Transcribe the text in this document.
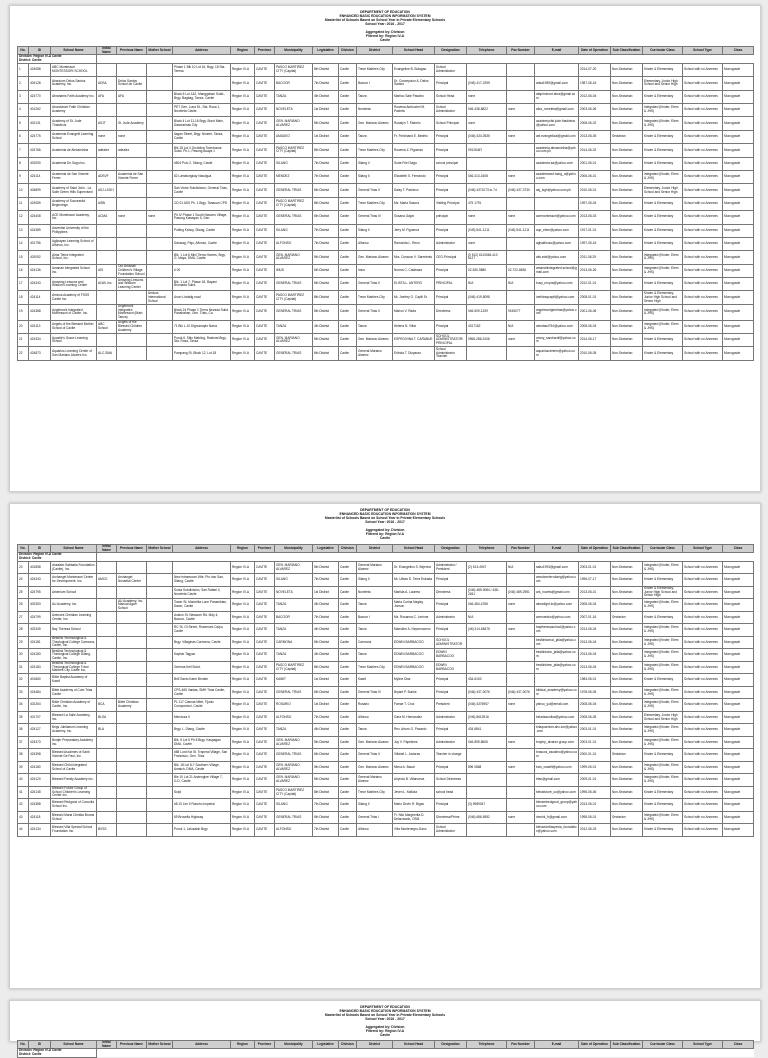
DEPARTMENT OF EDUCATION
ENHANCED BASIC EDUCATION INFORMATION SYSTEM
Masterlist of Schools Based on School Year in Private Elementary Schools
School Year: 2016 - 2017
Aggregated by: Division
Filtered by: Region IV-A
Cavite
No.	ID	School Name	Initial Name	Previous Name	Mother School	Address	Region	Province	Municipality	Legislative	Division	District	School Head	Designation	Telephone	Fax Number	E-mail	Date of Operation	Sub Classification	Curricular Class	School Type	Class
Division: Region IV-A Cavite
District: Cavite																						
1	424088	ABC Montessori MONTESSORI SCHOOL				Phase 1 Blk 10 Lot 16, Brgy. 18 Sta. Teresa	Region IV-A	CAVITE	PASCO MARTIREZ CITY (Capital)	8th District	Cavite	Trece Martires City	Evangeline B. Bolagao	School Administrator				2014-07-20	Non-Sectarian	Kinder & Elementary	School with no Annexes	Monograde
2	404128	Abaricum Delos Santos Academy, Inc.	ADSA	Delos Santos School de Cavite			Region IV-A	CAVITE	BACOOR	7th District	Cavite	Bacoor I	Dr. Concepcion A. Delos Santos	Principal	(046) 417-2299		adsa1989@gmail.com	1987-06-16	Non-Sectarian	Elementary, Junior High School and Senior High	School with no Annexes	Monograde
3	424770	Abrahams Faith Academy Inc.	AFA	AFA		Block 6 Lot 1&2, Manggahan Subd., Brgy. Bagbag, Tanza, Cavite	Region IV-A	CAVITE	TANZA	4th District	Cavite	Tanza	Marilou Sale Pasicho	School Head	none		afaprintcord.abra@gmail.com	2012-06-04	Non-Sectarian	Kinder & Elementary	School with no Annexes	Monograde
4	401262	Abundance Faith Christian Academy				PET Gen. Luna St., Sta. Rosa 1, Noveleta Cavite	Region IV-A	CAVITE	NOVELETA	1st District	Cavite	Noveleta	Rowena Ambuchel M. Pacleta	School Administrator	046-438-8822	none	afca_noveleta@gmail.com	2003-06-06	Non-Sectarian	Integrated (Kinder, Elem & JHS)	School with no Annexes	Monograde
5	402131	Academy of St. Jude Thaddeus	ASJT	St. Jude Academy		Block 4 Lot 11-16 Brgy. Burol Main, Dasmarinas City	Region IV-A	CAVITE	GEN. MARIANO ALVAREZ	5th District	Cavite	Gen. Mariano Alvarez	Rosalyn T. Fadrelo	School Principal	none		academyofst.jude.thaddeus@yahoo.com	2008-06-02	Non-Sectarian	Integrated (Kinder, Elem & JHS)	School with no Annexes	Monograde
6	424775	Academia Evangelii Learning School	none	none		Ilagan Street, Brgy. Ninerie, Tanza, Cavite	Region IV-A	CAVITE	AMADEO	1st District	Cavite	Tanza	Fr. Ferdinand E. Bedelo	Principal	(046) 434-0535	none	ael.evangeliical@gmail.com	2013-06-05	Sectarian	Kinder & Elementary	School with no Annexes	Monograde
7	424766	Academia de Alexandrina	adealex	adealex		Blk 18 Lot 4 Orchidea Townhouse Subd. Ph.1, Pasong Buaya 1	Region IV-A	CAVITE	PASCO MARTIREZ CITY (Capital)	8th District	Cavite	Trece Martires City	Rowena Z. Pigueras	Principal	09126467		academia.alexandrina@yahoo.com.ph	2014-06-02	Non-Sectarian	Kinder & Elementary	School with no Annexes	Monograde
8	402090	Academia De Sagu Inc.				#504 Pulo 2, Silang, Cavite	Region IV-A	CAVITE	SILANG	7th District	Cavite	Silang V	Suria Friel Sagu	school principal			academia.sa@yahoo.com	2001-06-01	Non-Sectarian	Kinder & Elementary	School with no Annexes	Monograde
9	424114	Academia de San Vicente Ferrer	ADSVF	Academia de San Vicente Ferrer		82 Lamalongkay Naudgua	Region IV-A	CAVITE	MENDEZ	7th District	Cavite	Silang II	Elizabeth S. Fernando	Principal	046-413-1608	none	academiasvf.marg_a@yahoo.com	2006-06-01	Non-Sectarian	Integrated (Kinder, Elem & JHS)	School with no Annexes	Monograde
10	404899	Academy of Saint John - La Salle Green Hills Supervised	ASJ-LSGH			San Victor Subdivision, General Trias, Cavite	Region IV-A	CAVITE	GENERAL TRIAS	6th District	Cavite	General Trias II	Daisy T. Pacheco	Principal	(046) 4371073 to 74	(046) 437-0730	asj_lsgh@yahoo.com.ph	2010-06-01	Non-Sectarian	Elementary, Junior High School and Senior High	School with no Annexes	Monograde
11	424089	Academy of Successful Beginnings	ASBI			CD 01 ASS Ph. 1 Brgy. Tanauan CPD	Region IV-A	CAVITE	PASCO MARTIREZ CITY (Capital)	8th District	Cavite	Trece Martires City	Ms. Maria Sasora	Visiting Principal	475 1791			1997-06-04	Non-Sectarian	Kinder & Elementary	School with no Annexes	Monograde
12	424408	ACE Montessori Academy, Inc.	ACMA	none	none	Ph.IV Phase 1 South Navarro Village, Pasong Kawayan II, Gen.	Region IV-A	CAVITE	GENERAL TRIAS	6th District	Cavite	General Trias IV	Susana Gajon	principal	none	none	acemontessori@yahoo.com	2013-06-03	Non-Sectarian	Kinder & Elementary	School with no Annexes	Monograde
13	424389	Adventist University of the Philippines				Putting Kahoy, Silang, Cavite	Region IV-A	CAVITE	SILANG	7th District	Cavite	Silang II	Jerry M. Figueroa	Principal	(049) 541-1211	(046) 541-1211	aup_elem@yahoo.com	1917-01-01	Non-Sectarian	Kinder & Elementary	School with no Annexes	Monograde
14	401796	Aglipayan Learning School of Alfonso, Inc.				Dalusag, Pajo, Alfonso, Cavite	Region IV-A	CAVITE	ALFONSO	7th District	Cavite	Alfonso	Ramonita L. Reon	Administrator	none		aglsalfonso@yahoo.com	1997-06-16	Non-Sectarian	Kinder & Elementary	School with no Annexes	Monograde
15	402092	Alma Tierra Integrated School, Inc.				Blk. 1 Lot 6 Mini Tierra Homes, Brgy. G. Maya, DMA, Cavite	Region IV-A	CAVITE	GEN. MARIANO ALVAREZ	5th District	Cavite	Gen. Mariano Alvarez	Mrs. Corazon V. Sarmiento	CEO-Principal	(0 512) 6110048-413 5127		atis.edd@yahoo.com	2011-06-29	Non-Sectarian	Integrated (Kinder, Elem & JHS)	School with no Annexes	Monograde
16	424136	Amanah Integrated School Inc.	AIS	Our Amanah Children's Village Foundation School		# 00	Region IV-A	CAVITE	IMUS	6th District	Cavite	Imus	Norma C. Calabaza	Principal	02-530-9880	02-722-8636	amanahintegrated.school@gmail.com	2013-06-26	Non-Sectarian	Integrated (Kinder, Elem & JHS)	School with no Annexes	Monograde
17	424343	Amazing Lessons and Wisdom Learning Center	ALWL Inc.	Amazing Lessons and Wisdom Learning Center		Blk. 1 Lot 7, Phase 18, Bayani Broniada Subd.	Region IV-A	CAVITE	GENERAL TRIAS	6th District	Cavite	General Trias II	ELISTA L. ANTERO	PRINCIPAL	N/A	N/A	busy_mopra@yahoo.com	2012-01-01	Non-Sectarian	Kinder & Elementary	School with no Annexes	Monograde
18	424114	Amicus Academy of FSSS Cavite Inc.			Amicus International School	Anon Lindalig road	Region IV-A	CAVITE	PASCO MARTIREZ CITY (Capital)	8th District	Cavite	Trece Martires City	Mr. Joefrey O. Capili Sr.	Principal	(046) 419-8098		ioethiraqcapili@yahoo.com	2008-01-01	Non-Sectarian	Kinder & Elementary, Junior High School and Senior High	School with no Annexes	Monograde
19	424388	Angelmont Integrated Montessori of Cavite, Inc.		Angelmont Integrated Montessori (Main Tanza)		Block 24 Phase 1 Tierra Nevada Subd. Panabahan, Gen. Trias, Ca	Region IV-A	CAVITE	GENERAL TRIAS	6th District	Cavite	General Trias II	Marion V. Rada	Directress	046-509-1339	9155077	angelmontgentrias@yahoo.com	2001-06-06	Non-Sectarian	Integrated (Kinder, Elem & JHS)	School with no Annexes	Monograde
20	424113	Angels of the Blessed Mother School of Cavite	ABC School	Angels of the Blessed Children Academy		71 Blk L-10 Dignumaplo Narra	Region IV-A	CAVITE	TANZA	4th District	Cavite	Tanza	Helena N. Villar	Principal	4317152	N/A	abcsbaul754@yahoo.com	2008-06-04	Non-Sectarian	Integrated (Kinder, Elem & JHS)	School with no Annexes	Monograde
21	424334	Apostle's Grace Learning School				Purok 6, Sitio Mabilog, Rasimat Brgy, Sta. Rosa, Tanza	Region IV-A	CAVITE	GEN. MARIANO ALVAREZ	5th District	Cavite	Gen. Mariano Alvarez	ESPEDIVINA T. CARABUE	SCHOOL ADMINISTRATOR/ PRINCIPAL	0966-286-2406	none	crisny_sarcbardf@yahoo.com	2014-06-17	Non-Sectarian	Kinder & Elementary	School with no Annexes	Monograde
22	424873	Aquarius Learning Center of San Mariano Alvarez Inc.	ALC-SMA			Pampang St. Block 12, Lot 18	Region IV-A	CAVITE	GENERAL TRIAS	6th District	Cavite	General Mariano Alvarez	Erlinda T. Dizparao	School Administrator Teacher			aquariuscenterc@yahoo.com	2010-06-05	Non-Sectarian	Kinder & Elementary	School with no Annexes	Monograde
DEPARTMENT OF EDUCATION
ENHANCED BASIC EDUCATION INFORMATION SYSTEM
Masterlist of Schools Based on School Year in Private Elementary Schools
School Year: 2016 - 2017
Aggregated by: Division
Filtered by: Region IV-A
Cavite
No.	ID	School Name	Initial Name	Previous Name	Mother School	Address	Region	Province	Municipality	Legislative	Division	District	School Head	Designation	Telephone	Fax Number	E-mail	Date of Operation	Sub Classification	Curricular Class	School Type	Class
Division: Region IV-A Cavite
District: Cavite																						
23	401858	Assalam Sabbatia Foundation (Cavite), Inc.					Region IV-A	CAVITE	GEN. MARIANO ALVAREZ	5th District	Cavite	General Mariano Alvarez	Dr. Evangelino S. Bejerino	Administrator / President	(2) 513-4947	N/A	sabu1993@gmail.com	2003-01-01	Non-Sectarian	Integrated (Kinder, Elem & JHS)	School with no Annexes	Monograde
24	424343	Archangel Montessori Center for Development, Inc.	AMCD	Archangel Novartial Center		New Intramuran Ville, Pin-Irac San, Silang, Cavite	Region IV-A	CAVITE	SILANG	7th District	Cavite	Silang II	Mr. Ulises D. Terra Estrada	Principal			amcdcenter.silang@yahoo.com	1996-07-17	Non-Sectarian	Kinder & Elementary	School with no Annexes	Monograde
25	424795	Arkenium School				Sonia Subdivision, San Rafael II, Noveleta Cavite	Region IV-A	CAVITE	NOVELETA	1st District	Cavite	Noveleta	Marilda A. Laureta	Directress	(046) 489-9084 / 438-2451	(046) 489-2951	ark_noveta@gmail.com	2013-06-01	Non-Sectarian	Kinder & Elementary, Junior High School and Senior High	School with no Annexes	Monograde
26	402353	AU Academy, Inc.		AU Academy, Inc. Manual Agan School		Tower St. Marcelita Lone Panambian, Dasm, Cavite	Region IV-A	CAVITE	TANZA	4th District	Cavite	Tanza	Maria Corina Naglay Jonson	Principal	046-484-4786	none	aimarlight.lo@yahoo.com	2008-06-04	Non-Sectarian	Integrated (Kinder, Elem & JHS)	School with no Annexes	Monograde
27	424799	Avenues Christian Learning Center, Inc.				Avalon St. Nesacon Rd. Mdy 4, Bacoor, Cavite	Region IV-A	CAVITE	BACOOR	7th District	Cavite	Bacoor I	Ms. Rosanna C. Lerinne	Administrator	N/A		avenuesbo@yahoo.com	2007-01-16	Sectarian	Kinder & Elementary	School with no Annexes	Monograde
28	402349	Bay Theresa School				RC St. OI Street, Rosemont Calpo, Cavite	Region IV-A	CAVITE	TANZA	4th District	Cavite	Tanza	Maeoline A. Nepomuceno	Principal	(46) 414-68475	none	baytheresaschool@yahoo.com	2013-06-04	Non-Sectarian	Integrated (Kinder, Elem & JHS)	School with no Annexes	Monograde
29	424181	Bestlink Technological & Theological College Carmona, Cavite, Inc.				Brgy. Villaginas Carmona, Cavite	Region IV-A	CAVITE	CARMONA	5th District	Cavite	Carmona	EDWIN BARBACOO	SCHOOL ADMINISTRATOR			bestlinkcecci_jalia@yahoo.com	2013-06-04	Non-Sectarian	Integrated (Kinder, Elem & JHS)	School with no Annexes	Monograde
30	424183	Bestlink Technological & Theological College Dilang, Cavite, Inc.				Kaphar Tagyac	Region IV-A	CAVITE	TANZA	4th District	Cavite	Tanza	EDWIN BARBACOO	EDWIN BARBACOO			bestlinkdoc_jalia@yahoo.com	2013-06-04	Non-Sectarian	Integrated (Kinder, Elem & JHS)	School with no Annexes	Monograde
31	424184	Bestlink Technological & Theological College Trece Martires City Cavite Inc.				Gemma Kell Subd.	Region IV-A	CAVITE	PASCO MARTIREZ CITY (Capital)	8th District	Cavite	Trece Martires City	EDWIN BARBACOO	EDWIN BARBACOO			bestlinktmc_jalia@yahoo.com	2013-06-04	Non-Sectarian	Integrated (Kinder, Elem & JHS)	School with no Annexes	Monograde
32	401860	Bible Baptist Academy of Kawit				Brill Santo Katre Brnden	Region IV-A	CAVITE	KAWIT	1st District	Cavite	Kawit	Myline Diaz	Principal	434-6153			1983-06-01	Non-Sectarian	Kinder & Elementary	School with no Annexes	Monograde
33	424484	Bible Academy of Cure Trias Cavite				CPS-465 Vantas, SMH Tima Cavite, Cavite	Region IV-A	CAVITE	GENERAL TRIAS	6th District	Cavite	General Trias IV	Bryant P. Bunke	Principal	(046) 437-0076	(046) 437-0076	biblical_academy@yahoo.com	1978-06-05	Non-Sectarian	Integrated (Kinder, Elem & JHS)	School with no Annexes	Monograde
34	402264	Bible Christian Academy of Cavite, Inc.	BCA	Bible Christian Academy		PL 117 Ciamas Milet, Tijunic Compomicni, Cavite	Region IV-A	CAVITE	ROSARIO	1st District	Cavite	Rosario	Farrae T. Cruz	President	(046) 4376957	none	yahoo_yul@email.com	2008-06-04	Non-Sectarian	Integrated (Kinder, Elem & JHS)	School with no Annexes	Monograde
35	401707	Blessed La Salle Academy, Inc.	BLSA			Mendoza II	Region IV-A	CAVITE	ALFONSO	7th District	Cavite	Alfonso	Gara M. Hernandez	Administrator	(046) 8613916		beladsaunikal@yahoo.com	2008-06-05	Non-Sectarian	Elementary, Junior High School and Senior High	School with no Annexes	Monograde
36	424127	Brigs Jubilaeum Learning Academy, Inc.	BLA			Brgy. L. Diang, Cavite	Region IV-A	CAVITE	TANZA	4th District	Cavite	Tanza	Rev. Arturo O. Pacanio	Principal	434 6841		briaquarrionr.ahc.ion@yahoo.com	2003-01-01	Non-Sectarian	Integrated (Kinder, Elem & JHS)	School with no Annexes	Monograde
37	424373	Brotjer Preparatory Academy Inc.				Blk. 5 Lot 5 Ph 8 Brgy. Kaspagan DMA, Cavite	Region IV-A	CAVITE	GEN. MARIANO ALVAREZ	5th District	Cavite	Gen. Mariano Alvarez	Joy V. Papelines	Administrator	046-895-8606	none	brojerp_alvarez.group.com	2003-01-01	Non-Sectarian	Integrated (Kinder, Elem & JHS)	School with no Annexes	Monograde
38	424398	Blessed Ascalmes of Saint Vicente De Paul, Inc.				#88 Lord Kst St. Traperal Village, San Francisco, Gen. Trias	Region IV-A	CAVITE	GENERAL TRIAS	6th District	Cavite	General Trias II	Villadel L. Jadoras	Teacher in charge			brascos_ascalmo@yahoo.com	2000-01-01	Sectarian	Kinder & Elementary	School with no Annexes	Monograde
39	424180	Blessed Child Integrated School of Cavite				Blk. 18 Lot 8-7 Southern Village, Amaich, DMA, Cavite	Region IV-A	CAVITE	GEN. MARIANO ALVAREZ	5th District	Cavite	Gen. Mariano Alvarez	Mirna A. Bacal	Principal	896 0868	none	bcis_crawfit@yahoo.com	1999-06-01	Non-Sectarian	Integrated (Kinder, Elem & JHS)	School with no Annexes	Monograde
40	424120	Blessed Family Academy Inc.				Ble 10 Lot 21 Andengine Village 7, G.D, Cavite	Region IV-A	CAVITE	GEN. MARIANO ALVAREZ	5th District	Cavite	General Mariano Alvarez	Arlynda B. Villanueva	School Directress			bfac@gmail.com	2009-01-01	Non-Sectarian	Integrated (Kinder, Elem & JHS)	School with no Annexes	Monograde
41	424148	Blessed Future Group of School Children's Learning Center Inc.				Sulpi	Region IV-A	CAVITE	PASCO MARTIREZ CITY (Capital)	8th District	Cavite	Trece Martires City	Jeven L. Maliola	school head			blessfuture_uu@yahoo.com	1996-06-06	Non-Sectarian	Kinder & Elementary	School with no Annexes	Monograde
42	424388	Blessed Redgood of Concolia School Inc.				#8 10 Lim 5 Rancho Imperial	Region IV-A	CAVITE	SILANG	7th District	Cavite	Silang II	Mario Devin R. Bigas	Principal	(3) 5989047		blessedredgood_group@yahoo.com	2013-06-01	Non-Sectarian	Kinder & Elementary	School with no Annexes	Monograde
43	424118	Blessed Maria Christia Bruma School				69 Brusella Highway	Region IV-A	CAVITE	GENERAL TRIAS	6th District	Cavite	General Trias I	Fr. Nilo Margherita D. Delarosario, OSM	Directress/Prime	(046) 686-6952	none	dmchk_fr@gmail.com	1998-06-01	Sectarian	Integrated (Kinder, Elem & JHS)	School with no Annexes	Monograde
44	424134	Blessed Villa Special School Foundation Inc.	BVSS			Purok 1, Lalusakin Brgy	Region IV-A	CAVITE	ALFONSO	7th District	Cavite	Alfonso	Villa Montenegro-Dano	School Administrator			blessedvillaspecia_foundation@yahoo.com	2012-06-03	Non-Sectarian	Kinder & Elementary	School with no Annexes	Monograde
DEPARTMENT OF EDUCATION
ENHANCED BASIC EDUCATION INFORMATION SYSTEM
Masterlist of Schools Based on School Year in Private Elementary Schools
School Year: 2016 - 2017
Aggregated by: Division
Filtered by: Region IV-A
Cavite
No.	ID	School Name	Initial Name	Previous Name	Mother School	Address	Region	Province	Municipality	Legislative	Division	District	School Head	Designation	Telephone	Fax Number	E-mail	Date of Operation	Sub Classification	Curricular Class	School Type	Class
Division: Region IV-A Cavite
District: Cavite																						
